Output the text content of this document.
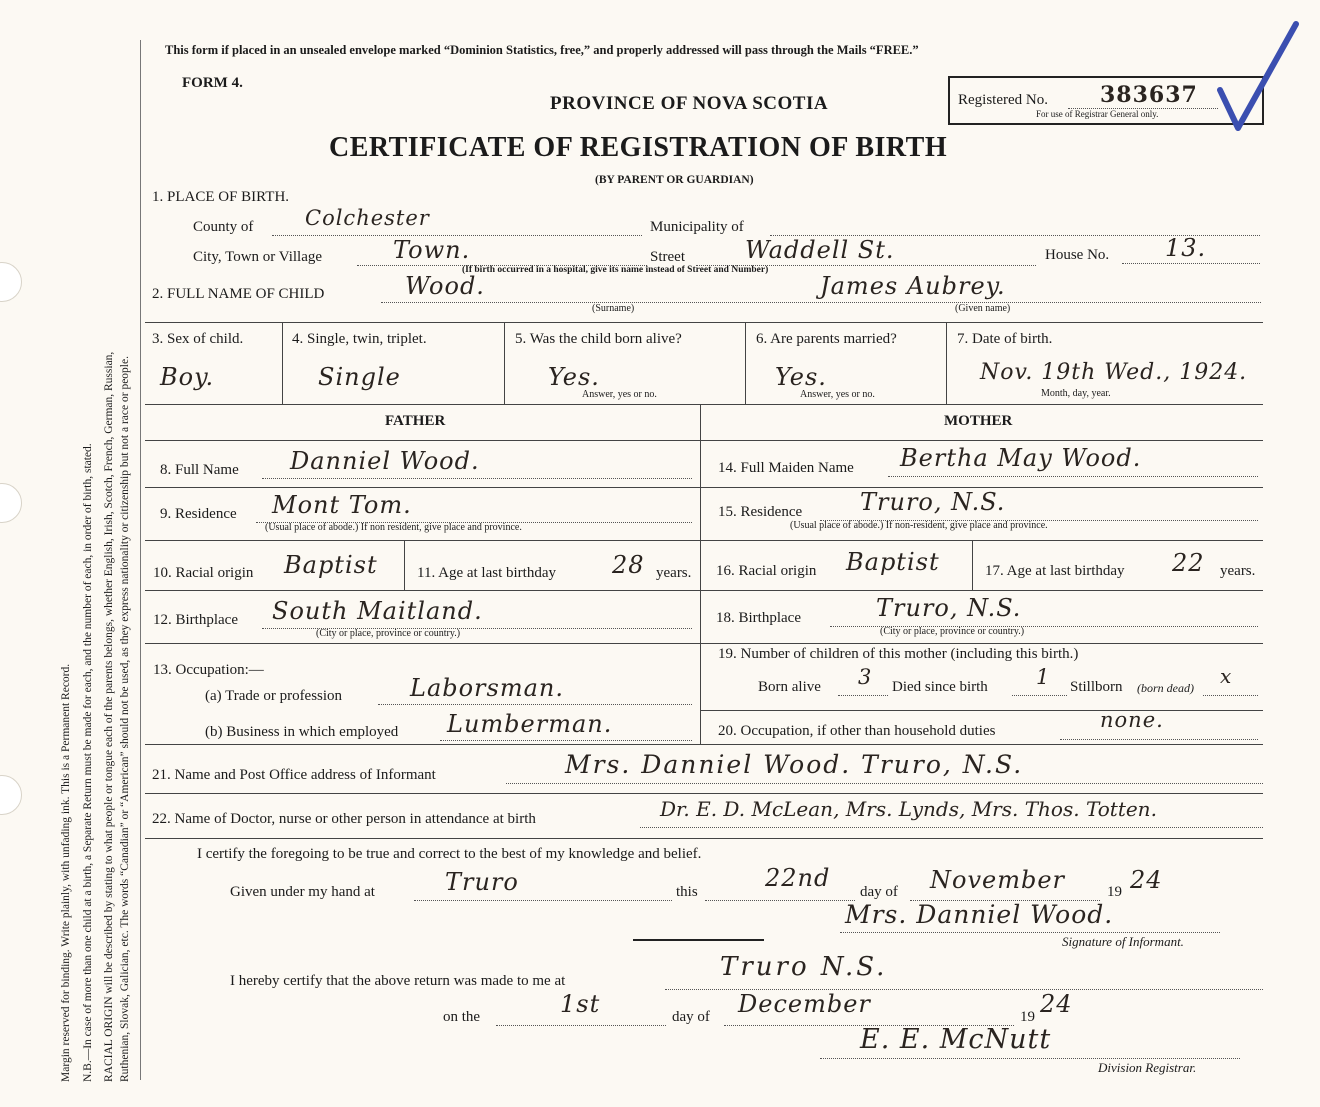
Margin reserved for binding. Write plainly, with unfading ink. This is a Permanent Record. N.B.—In case of more than one child at a birth, a Separate Return must be made for each, and the number of each, in order of birth, stated. RACIAL ORIGIN will be described by stating to what people or tongue each of the parents belongs, whether English, Irish, Scotch, French, German, Russian, Ruthenian, Slovak, Galician, etc. The words “Canadian” or “American” should not be used, as they express nationality or citizenship but not a race or people.
This form if placed in an unsealed envelope marked “Dominion Statistics, free,” and properly addressed will pass through the Mails “FREE.”
FORM 4.
PROVINCE OF NOVA SCOTIA
CERTIFICATE OF REGISTRATION OF BIRTH
(BY PARENT OR GUARDIAN)
Registered No. 383637
For use of Registrar General only.
1. PLACE OF BIRTH.
County of Colchester	Municipality of
City, Town or Village	Town.	Street	Waddell St.	House No. 13.
(If birth occurred in a hospital, give its name instead of Street and Number)
2. FULL NAME OF CHILD	Wood.
(Surname)
James Aubrey.
(Given name)
3. Sex of child.
Boy.
4. Single, twin, triplet.
Single
5. Was the child born alive?
Yes.
Answer, yes or no.
6. Are parents married?
Yes.
Answer, yes or no.
7. Date of birth.
Nov. 19th Wed., 1924.
Month, day, year.
FATHER	MOTHER
8. Full Name Danniel Wood.	14. Full Maiden Name Bertha May Wood.
9. Residence Mont Tom.
(Usual place of abode.) If non resident, give place and province.
15. Residence Truro, N.S.
(Usual place of abode.) If non-resident, give place and province.
10. Racial origin Baptist	11. Age at last birthday 28 years. 16. Racial origin Baptist	17. Age at last birthday 22 years.
12. Birthplace South Maitland.
(City or place, province or country.)
18. Birthplace	Truro, N.S.
(City or place, province or country.)
13. Occupation:—
(a) Trade or profession	Laborsman.
(b) Business in which employed Lumberman.
19. Number of children of this mother (including this birth.)
Born alive 3 Died since birth 1 Stillborn (born dead) x
20. Occupation, if other than household duties	none.
21. Name and Post Office address of Informant	Mrs. Danniel Wood. Truro, N.S.
22. Name of Doctor, nurse or other person in attendance at birth	Dr. E. D. McLean, Mrs. Lynds, Mrs. Thos. Totten.
I certify the foregoing to be true and correct to the best of my knowledge and belief.
Given under my hand at	Truro	this	22nd day of November	19 24
Mrs. Danniel Wood.
Signature of Informant.
I hereby certify that the above return was made to me at	Truro N.S.
on the	1st	day of December	19 24
E. E. McNutt
Division Registrar.
